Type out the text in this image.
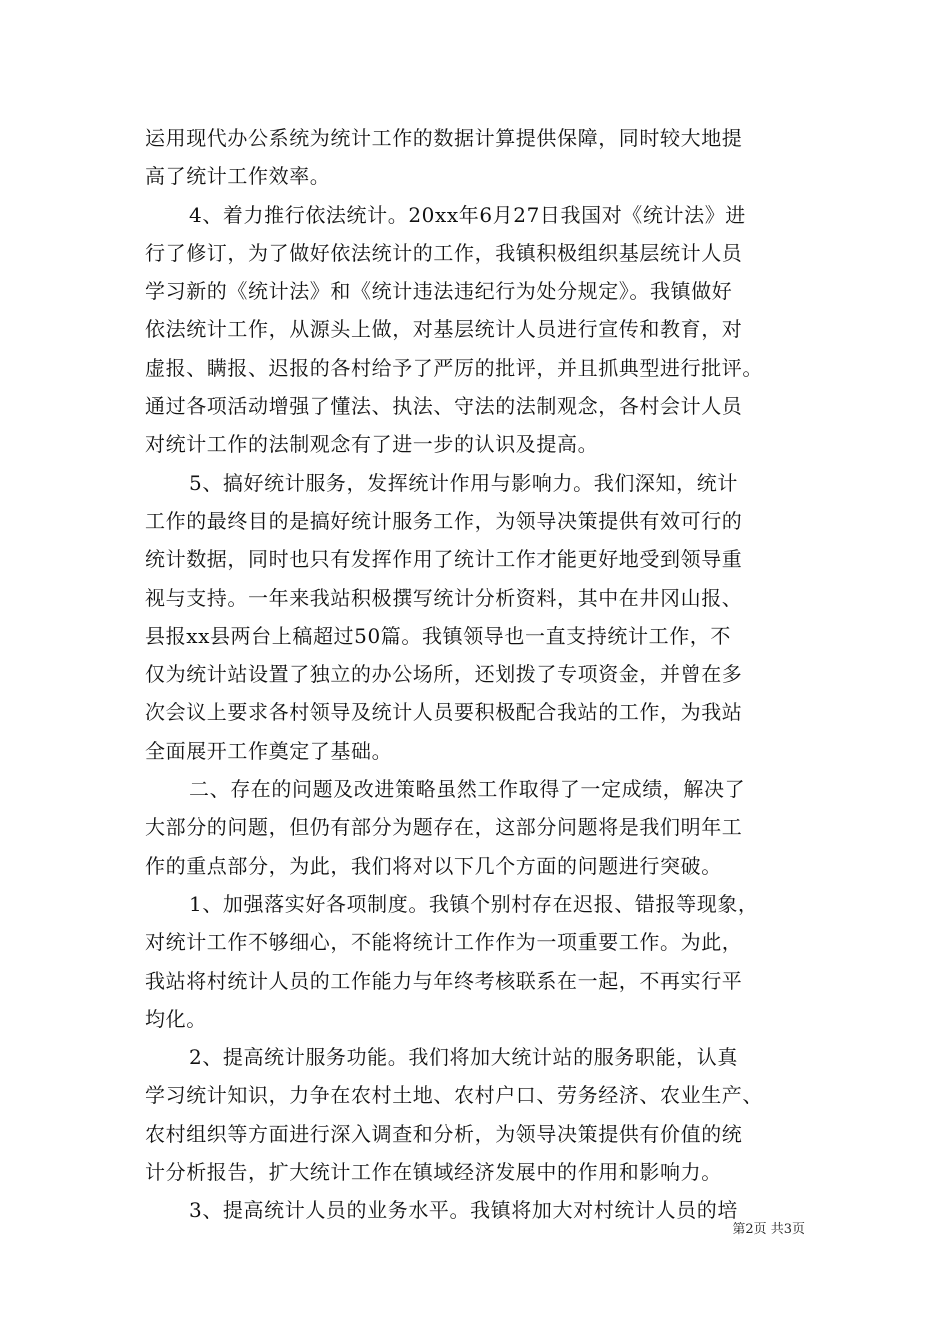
运用现代办公系统为统计工作的数据计算提供保障，同时较大地提
高了统计工作效率。
4、着力推行依法统计。20xx年6月27日我国对《统计法》进
行了修订，为了做好依法统计的工作，我镇积极组织基层统计人员
学习新的《统计法》和《统计违法违纪行为处分规定》。我镇做好
依法统计工作，从源头上做，对基层统计人员进行宣传和教育，对
虚报、瞒报、迟报的各村给予了严厉的批评，并且抓典型进行批评。
通过各项活动增强了懂法、执法、守法的法制观念，各村会计人员
对统计工作的法制观念有了进一步的认识及提高。
5、搞好统计服务，发挥统计作用与影响力。我们深知，统计
工作的最终目的是搞好统计服务工作，为领导决策提供有效可行的
统计数据，同时也只有发挥作用了统计工作才能更好地受到领导重
视与支持。一年来我站积极撰写统计分析资料，其中在井冈山报、
县报xx县两台上稿超过50篇。我镇领导也一直支持统计工作，不
仅为统计站设置了独立的办公场所，还划拨了专项资金，并曾在多
次会议上要求各村领导及统计人员要积极配合我站的工作，为我站
全面展开工作奠定了基础。
二、存在的问题及改进策略虽然工作取得了一定成绩，解决了
大部分的问题，但仍有部分为题存在，这部分问题将是我们明年工
作的重点部分，为此，我们将对以下几个方面的问题进行突破。
1、加强落实好各项制度。我镇个别村存在迟报、错报等现象，
对统计工作不够细心，不能将统计工作作为一项重要工作。为此，
我站将村统计人员的工作能力与年终考核联系在一起，不再实行平
均化。
2、提高统计服务功能。我们将加大统计站的服务职能，认真
学习统计知识，力争在农村土地、农村户口、劳务经济、农业生产、
农村组织等方面进行深入调查和分析，为领导决策提供有价值的统
计分析报告，扩大统计工作在镇域经济发展中的作用和影响力。
3、提高统计人员的业务水平。我镇将加大对村统计人员的培
第2页 共3页
